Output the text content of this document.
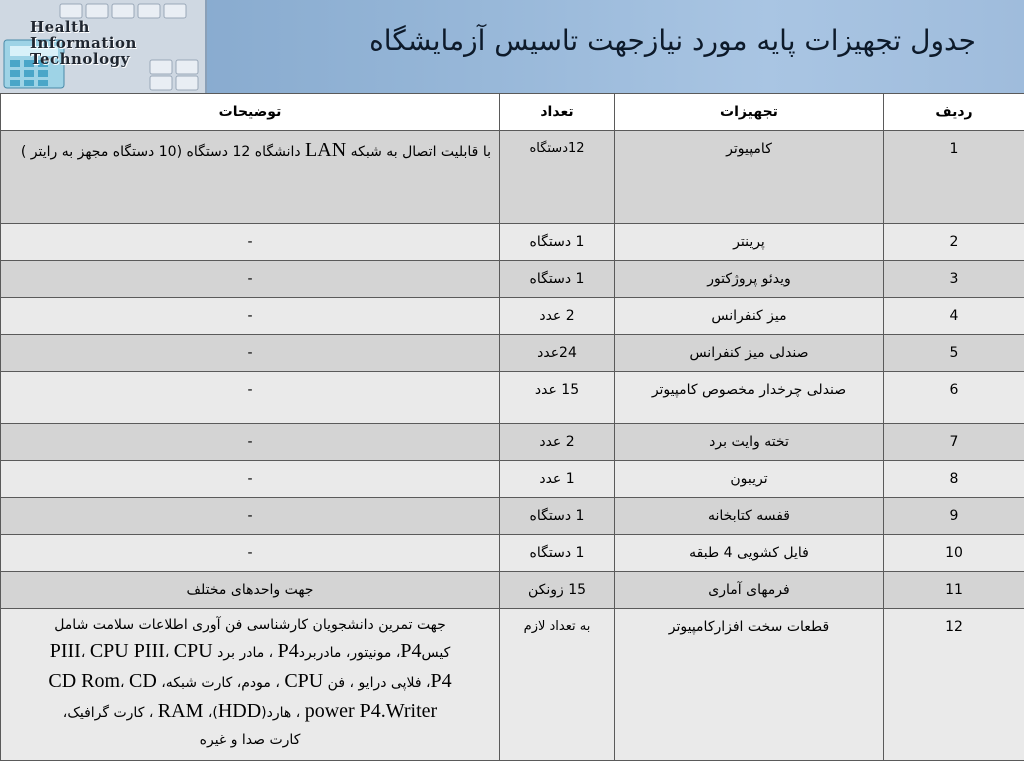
Health
Information
Technology
جدول تجهیزات پایه مورد نیازجهت تاسیس آزمایشگاه
ردیف	تجهیزات	تعداد	توضیحات
1	کامپیوتر	12دستگاه	با قابلیت اتصال به شبکه LAN دانشگاه 12 دستگاه (10 دستگاه مجهز به رایتر )
2	پرینتر	1 دستگاه	-
3	ویدئو پروژکتور	1 دستگاه	-
4	میز کنفرانس	2 عدد	-
5	صندلی میز کنفرانس	24عدد	-
6	صندلی چرخدار مخصوص کامپیوتر	15 عدد	-
7	تخته وایت برد	2 عدد	-
8	تریبون	1 عدد	-
9	قفسه کتابخانه	1 دستگاه	-
10	فایل کشویی 4 طبقه	1 دستگاه	-
11	فرمهای آماری	15 زونکن	جهت واحدهای مختلف
12	قطعات سخت افزارکامپیوتر	به تعداد لازم	جهت تمرین دانشجویان کارشناسی فن آوری اطلاعات سلامت شامل
کیسP4، مونیتور، مادربردP4 ، مادر برد PIII، CPU PIII، CPU
P4، فلاپی درایو ، فن CPU ، مودم، کارت شبکه، CD Rom، CD
power P4.Writer ، هارد(HDD)، RAM ، کارت گرافیک،
کارت صدا و غیره
